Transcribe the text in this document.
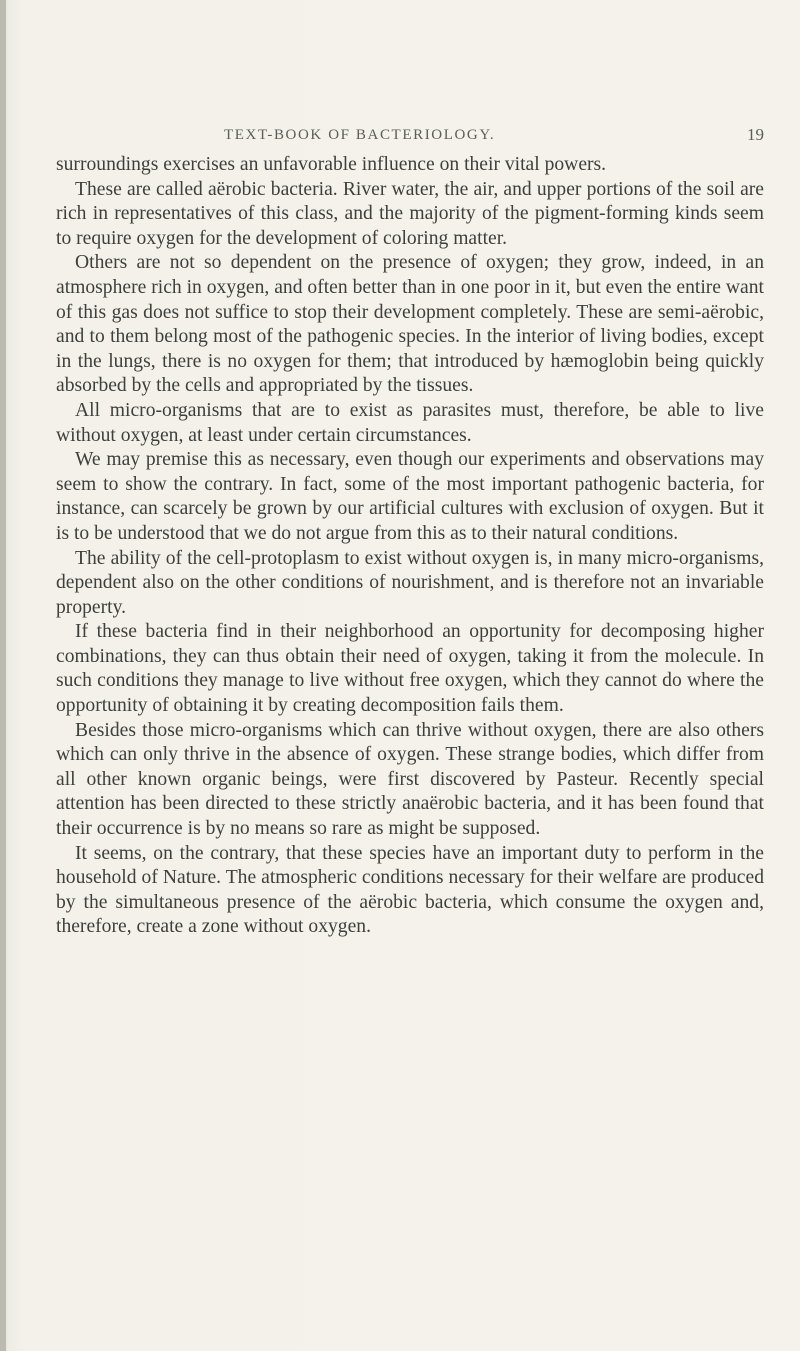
TEXT-BOOK OF BACTERIOLOGY.	19

surroundings exercises an unfavorable influence on their vital powers.

These are called aërobic bacteria. River water, the air, and upper portions of the soil are rich in representatives of this class, and the majority of the pigment-forming kinds seem to require oxygen for the development of coloring matter.

Others are not so dependent on the presence of oxygen; they grow, indeed, in an atmosphere rich in oxygen, and often better than in one poor in it, but even the entire want of this gas does not suffice to stop their development completely. These are semi-aërobic, and to them belong most of the pathogenic species. In the interior of living bodies, except in the lungs, there is no oxygen for them; that introduced by hæmoglobin being quickly absorbed by the cells and appropriated by the tissues.

All micro-organisms that are to exist as parasites must, therefore, be able to live without oxygen, at least under certain circumstances.

We may premise this as necessary, even though our experiments and observations may seem to show the contrary. In fact, some of the most important pathogenic bacteria, for instance, can scarcely be grown by our artificial cultures with exclusion of oxygen. But it is to be understood that we do not argue from this as to their natural conditions.

The ability of the cell-protoplasm to exist without oxygen is, in many micro-organisms, dependent also on the other conditions of nourishment, and is therefore not an invariable property.

If these bacteria find in their neighborhood an opportunity for decomposing higher combinations, they can thus obtain their need of oxygen, taking it from the molecule. In such conditions they manage to live without free oxygen, which they cannot do where the opportunity of obtaining it by creating decomposition fails them.

Besides those micro-organisms which can thrive without oxygen, there are also others which can only thrive in the absence of oxygen. These strange bodies, which differ from all other known organic beings, were first discovered by Pasteur. Recently special attention has been directed to these strictly anaërobic bacteria, and it has been found that their occurrence is by no means so rare as might be supposed.

It seems, on the contrary, that these species have an important duty to perform in the household of Nature. The atmospheric conditions necessary for their welfare are produced by the simultaneous presence of the aërobic bacteria, which consume the oxygen and, therefore, create a zone without oxygen.
